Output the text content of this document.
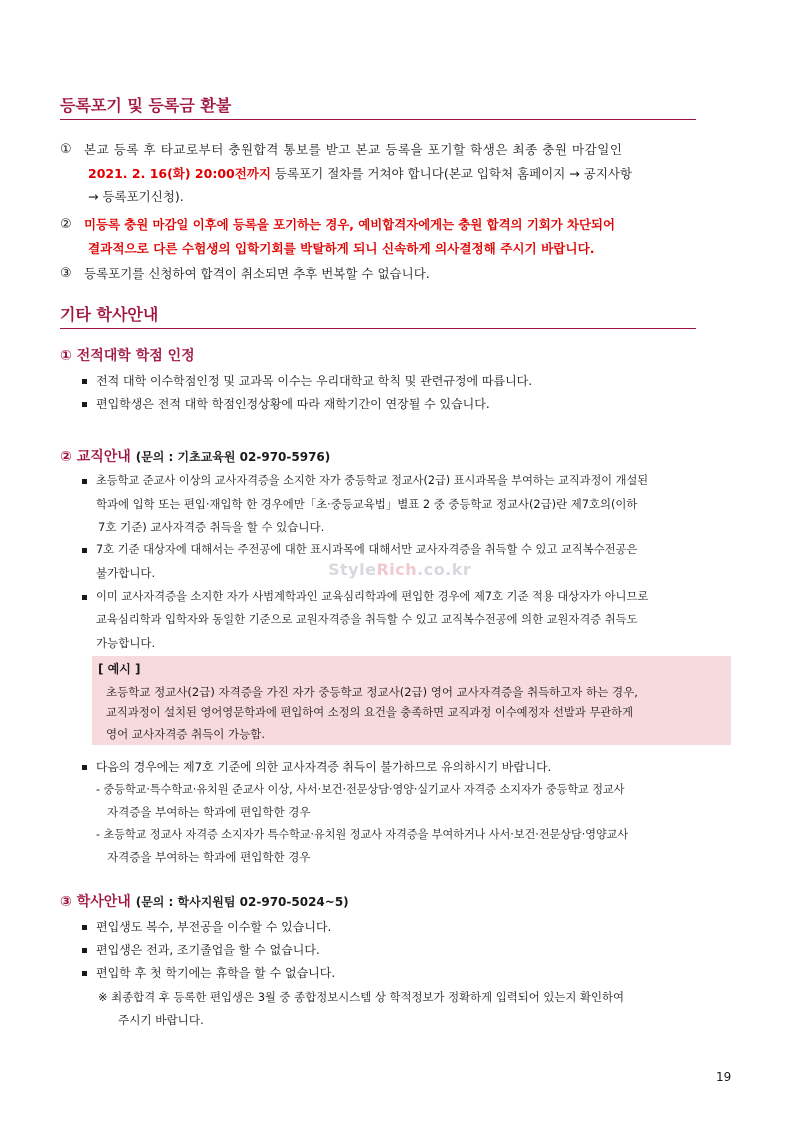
등록포기 및 등록금 환불
① 본교 등록 후 타교로부터 충원합격 통보를 받고 본교 등록을 포기할 학생은 최종 충원 마감일인
2021. 2. 16(화) 20:00전까지 등록포기 절차를 거쳐야 합니다(본교 입학처 홈페이지 → 공지사항
→ 등록포기신청).
② 미등록 충원 마감일 이후에 등록을 포기하는 경우, 예비합격자에게는 충원 합격의 기회가 차단되어
결과적으로 다른 수험생의 입학기회를 박탈하게 되니 신속하게 의사결정해 주시기 바랍니다.
③ 등록포기를 신청하여 합격이 취소되면 추후 번복할 수 없습니다.
기타 학사안내
① 전적대학 학점 인정
전적 대학 이수학점인정 및 교과목 이수는 우리대학교 학칙 및 관련규정에 따릅니다.
편입학생은 전적 대학 학점인정상황에 따라 재학기간이 연장될 수 있습니다.
② 교직안내 (문의 : 기초교육원 02-970-5976)
초등학교 준교사 이상의 교사자격증을 소지한 자가 중등학교 정교사(2급) 표시과목을 부여하는 교직과정이 개설된
학과에 입학 또는 편입·재입학 한 경우에만「초·중등교육법」별표 2 중 중등학교 정교사(2급)란 제7호의(이하
7호 기준) 교사자격증 취득을 할 수 있습니다.
7호 기준 대상자에 대해서는 주전공에 대한 표시과목에 대해서만 교사자격증을 취득할 수 있고 교직복수전공은
불가합니다.	StyleRich.co.kr
이미 교사자격증을 소지한 자가 사범계학과인 교육심리학과에 편입한 경우에 제7호 기준 적용 대상자가 아니므로
교육심리학과 입학자와 동일한 기준으로 교원자격증을 취득할 수 있고 교직복수전공에 의한 교원자격증 취득도
가능합니다.
[ 예시 ]
초등학교 정교사(2급) 자격증을 가진 자가 중등학교 정교사(2급) 영어 교사자격증을 취득하고자 하는 경우,
교직과정이 설치된 영어영문학과에 편입하여 소정의 요건을 충족하면 교직과정 이수예정자 선발과 무관하게
영어 교사자격증 취득이 가능함.
다음의 경우에는 제7호 기준에 의한 교사자격증 취득이 불가하므로 유의하시기 바랍니다.
- 중등학교·특수학교·유치원 준교사 이상, 사서·보건·전문상담·영양·실기교사 자격증 소지자가 중등학교 정교사
자격증을 부여하는 학과에 편입학한 경우
- 초등학교 정교사 자격증 소지자가 특수학교·유치원 정교사 자격증을 부여하거나 사서·보건·전문상담·영양교사
자격증을 부여하는 학과에 편입학한 경우
③ 학사안내 (문의 : 학사지원팀 02-970-5024~5)
편입생도 복수, 부전공을 이수할 수 있습니다.
편입생은 전과, 조기졸업을 할 수 없습니다.
편입학 후 첫 학기에는 휴학을 할 수 없습니다.
※ 최종합격 후 등록한 편입생은 3월 중 종합정보시스템 상 학적정보가 정확하게 입력되어 있는지 확인하여
주시기 바랍니다.
19
